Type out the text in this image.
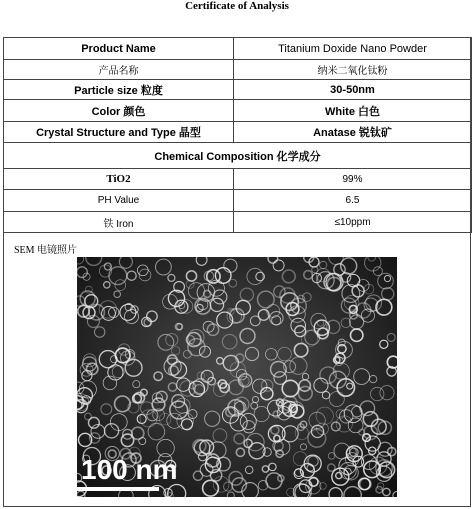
Certificate of Analysis
Product Name	Titanium Doxide Nano Powder
产品名称	纳米二氧化钛粉
Particle size 粒度	30-50nm
Color 颜色	White 白色
Crystal Structure and Type 晶型	Anatase 锐钛矿
Chemical Composition 化学成分	
TiO2	99%
PH Value	6.5
铁 Iron	≤10ppm
SEM 电镜照片
100 nm
